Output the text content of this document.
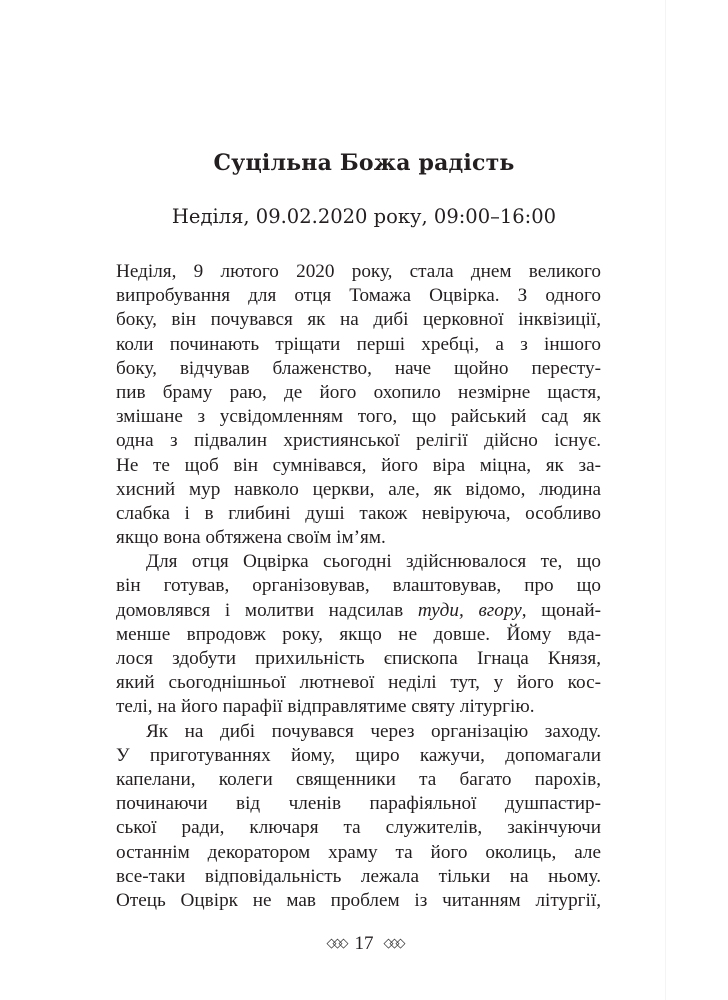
Суцільна Божа радість
Неділя, 09.02.2020 року, 09:00–16:00
Неділя, 9 лютого 2020 року, стала днем великого
випробування для отця Томажа Оцвірка. З одного
боку, він почувався як на дибі церковної інквізиції,
коли починають тріщати перші хребці, а з іншого
боку, відчував блаженство, наче щойно переcту-
пив браму раю, де його охопило незмірне щастя,
змішане з усвідомленням того, що райський сад як
одна з підвалин християнської релігії дійсно існує.
Не те щоб він сумнівався, його віра міцна, як за-
хисний мур навколо церкви, але, як відомо, людина
слабка і в глибині душі також невіруюча, особливо
якщо вона обтяжена своїм ім’ям.
Для отця Оцвірка сьогодні здійснювалося те, що
він готував, організовував, влаштовував, про що
домовлявся і молитви надсилав туди, вгору, щонай-
менше впродовж року, якщо не довше. Йому вда-
лося здобути прихильність єпископа Ігнаца Князя,
який сьогоднішньої лютневої неділі тут, у його кос-
телі, на його парафії відправлятиме святу літургію.
Як на дибі почувався через організацію заходу.
У приготуваннях йому, щиро кажучи, допомагали
капелани, колеги священники та багато парохів,
починаючи від членів парафіяльної душпастир-
ської ради, ключаря та служителів, закінчуючи
останнім декоратором храму та його околиць, але
все-таки відповідальність лежала тільки на ньому.
Отець Оцвірк не мав проблем із читанням літургії,
◇◇◇ 17 ◇◇◇
